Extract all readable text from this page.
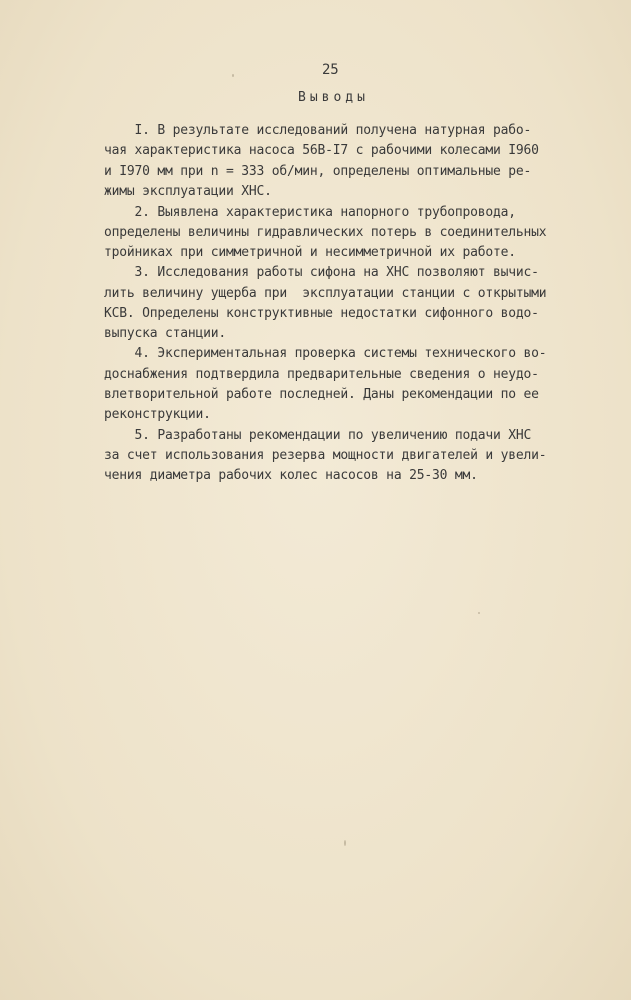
25
Выводы
I. В результате исследований получена натурная рабо-
чая характеристика насоса 56В-I7 с рабочими колесами I960
и I970 мм при n = 333 об/мин, определены оптимальные ре-
жимы эксплуатации ХНС.
2. Выявлена характеристика напорного трубопровода,
определены величины гидравлических потерь в соединительных
тройниках при симметричной и несимметричной их работе.
3. Исследования работы сифона на ХНС позволяют вычис-
лить величину ущерба при  эксплуатации станции с открытыми
КСВ. Определены конструктивные недостатки сифонного водо-
выпуска станции.
4. Экспериментальная проверка системы технического во-
доснабжения подтвердила предварительные сведения о неудо-
влетворительной работе последней. Даны рекомендации по ее
реконструкции.
5. Разработаны рекомендации по увеличению подачи ХНС
за счет использования резерва мощности двигателей и увели-
чения диаметра рабочих колес насосов на 25-30 мм.
